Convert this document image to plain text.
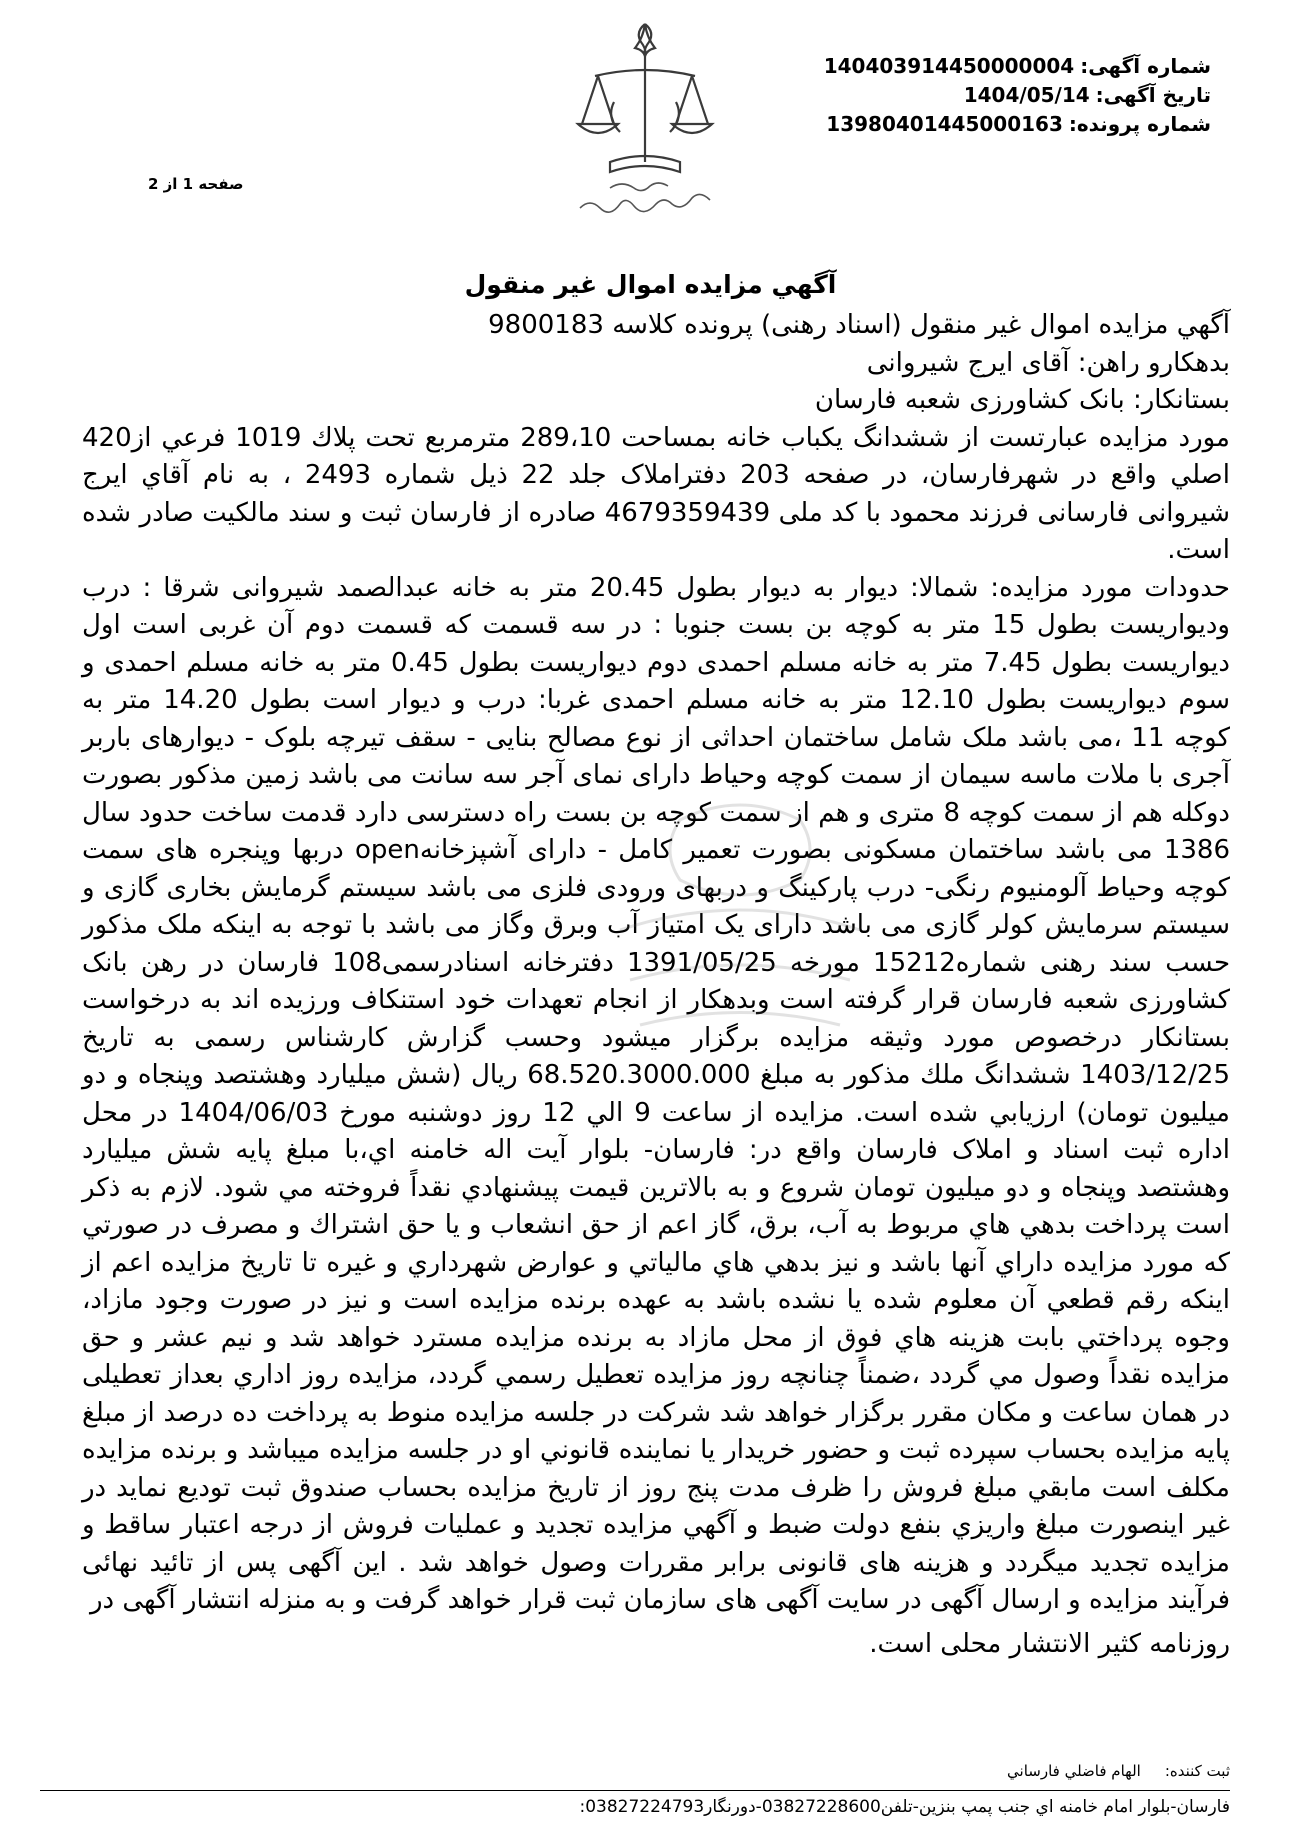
شماره آگهی:140403914450000004
تاریخ آگهی:1404/05/14
شماره پرونده:13980401445000163
صفحه 1 از 2
آگهي مزايده اموال غير منقول

آگهي مزايده اموال غير منقول (اسناد رهنی) پرونده كلاسه 9800183

بدهكارو راهن: آقای ایرج شیروانی

بستانكار: بانک کشاورزی شعبه فارسان

مورد مزايده عبارتست از ششدانگ یکباب خانه بمساحت 289،10 مترمربع تحت پلاك 1019 فرعي از420 اصلي واقع در شهرفارسان، در صفحه 203 دفتراملاک جلد 22 ذیل شماره 2493 ، به نام آقاي ایرج شیروانی فارسانی فرزند محمود با کد ملی 4679359439 صادره از فارسان ثبت و سند مالكيت صادر شده است.

حدودات مورد مزایده: شمالا: دیوار به دیوار بطول 20.45 متر به خانه عبدالصمد شیروانی شرقا : درب ودیواریست بطول 15 متر به کوچه بن بست جنوبا : در سه قسمت که قسمت دوم آن غربی است اول دیواریست بطول 7.45 متر به خانه مسلم احمدی دوم دیواریست بطول 0.45 متر به خانه مسلم احمدی و سوم دیواریست بطول 12.10 متر به خانه مسلم احمدی غربا: درب و دیوار است بطول 14.20 متر به کوچه 11 ،می باشد ملک شامل ساختمان احداثی از نوع مصالح بنایی - سقف تیرچه بلوک - دیوارهای باربر آجری با ملات ماسه سیمان از سمت کوچه وحیاط دارای نمای آجر سه سانت می باشد زمین مذکور بصورت دوکله هم از سمت کوچه 8 متری و هم از سمت کوچه بن بست راه دسترسی دارد قدمت ساخت حدود سال 1386 می باشد ساختمان مسکونی بصورت تعمیر کامل - دارای آشپزخانهopen دربها وپنجره های سمت کوچه وحیاط آلومنیوم رنگی- درب پارکینگ و دربهای ورودی فلزی می باشد سیستم گرمایش بخاری گازی و سیستم سرمایش کولر گازی می باشد دارای یک امتیاز آب وبرق وگاز می باشد با توجه به اینکه ملک مذکور حسب سند رهنی شماره15212 مورخه 1391/05/25 دفترخانه اسنادرسمی108 فارسان در رهن بانک کشاورزی شعبه فارسان قرار گرفته است وبدهکار از انجام تعهدات خود استنکاف ورزیده اند به درخواست بستانکار درخصوص مورد وثيقه مزایده برگزار میشود وحسب گزارش کارشناس رسمی به تاريخ 1403/12/25 ششدانگ ملك مذكور به مبلغ 68.520.3000.000 ريال (شش میلیارد وهشتصد وپنجاه و دو میلیون تومان) ارزيابي شده است. مزايده از ساعت 9 الي 12 روز دوشنبه مورخ 1404/06/03 در محل اداره ثبت اسناد و املاک فارسان واقع در: فارسان- بلوار آیت اله خامنه اي،با مبلغ پايه شش میلیارد وهشتصد وپنجاه و دو میلیون تومان شروع و به بالاترين قيمت پيشنهادي نقداً فروخته مي شود. لازم به ذكر است پرداخت بدهي هاي مربوط به آب، برق، گاز اعم از حق انشعاب و يا حق اشتراك و مصرف در صورتي كه مورد مزايده داراي آنها باشد و نيز بدهي هاي مالياتي و عوارض شهرداري و غيره تا تاريخ مزايده اعم از اينكه رقم قطعي آن معلوم شده يا نشده باشد به عهده برنده مزايده است و نيز در صورت وجود مازاد، وجوه پرداختي بابت هزينه هاي فوق از محل مازاد به برنده مزايده مسترد خواهد شد و نيم عشر و حق مزايده نقداً وصول مي گردد ،ضمناً چنانچه روز مزايده تعطيل رسمي گردد، مزايده روز اداري بعداز تعطيلی در همان ساعت و مكان مقرر برگزار خواهد شد شركت در جلسه مزايده منوط به پرداخت ده درصد از مبلغ پايه مزايده بحساب سپرده ثبت و حضور خريدار يا نماينده قانوني او در جلسه مزايده ميباشد و برنده مزايده مكلف است مابقي مبلغ فروش را ظرف مدت پنج روز از تاريخ مزايده بحساب صندوق ثبت توديع نمايد در غير اينصورت مبلغ واريزي بنفع دولت ضبط و آگهي مزايده تجديد و عمليات فروش از درجه اعتبار ساقط و مزايده تجديد ميگردد و هزینه های قانونی برابر مقررات وصول خواهد شد . این آگهی پس از تائید نهائی فرآیند مزایده و ارسال آگهی در سایت آگهی های سازمان ثبت قرار خواهد گرفت و به منزله انتشار آگهی در

روزنامه كثير الانتشار محلی است.

ثبت کننده:الهام فاضلي فارساني
فارسان-بلوار امام خامنه اي جنب پمپ بنزين-تلفن03827228600-دورنگار03827224793:
